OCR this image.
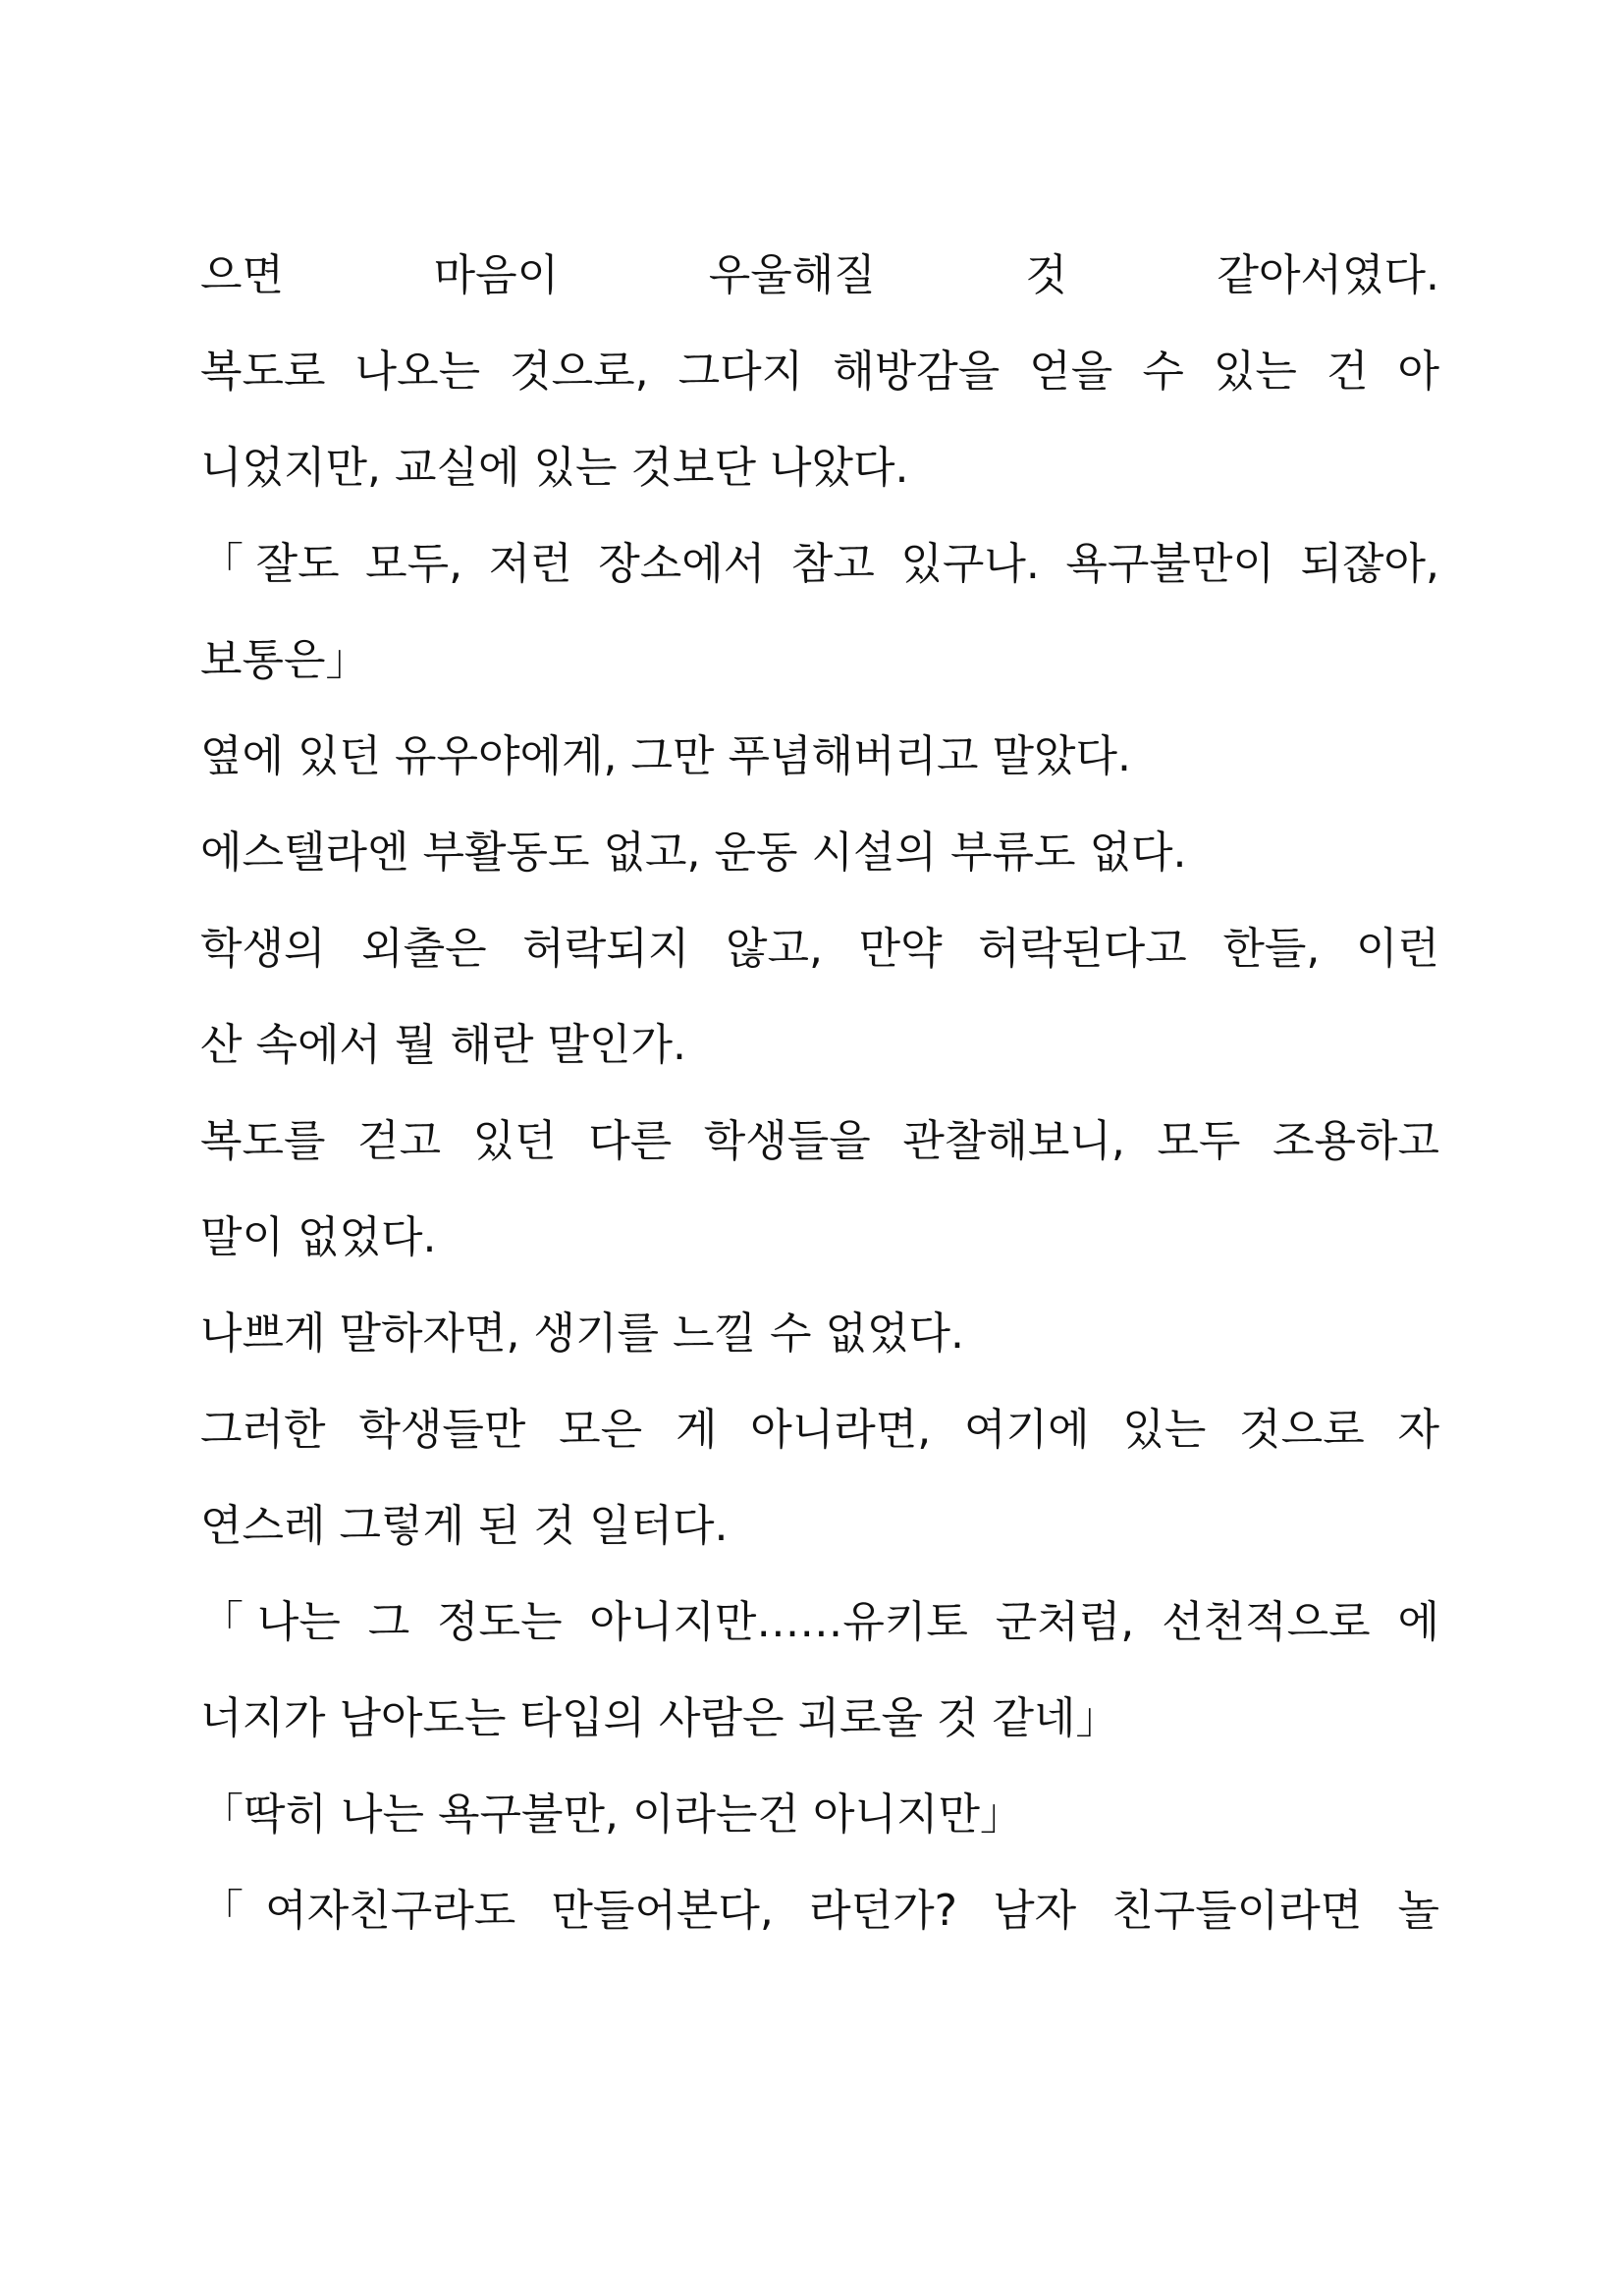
으면 마음이 우울해질 것 같아서였다.
복도로 나오는 것으로, 그다지 해방감을 얻을 수 있는 건 아
니었지만, 교실에 있는 것보단 나았다.
「잘도 모두, 저런 장소에서 참고 있구나. 욕구불만이 되잖아,
보통은」
옆에 있던 유우야에게, 그만 푸념해버리고 말았다.
에스텔라엔 부활동도 없고, 운동 시설의 부류도 없다.
학생의 외출은 허락되지 않고, 만약 허락된다고 한들, 이런
산 속에서 뭘 해란 말인가.
복도를 걷고 있던 다른 학생들을 관찰해보니, 모두 조용하고
말이 없었다.
나쁘게 말하자면, 생기를 느낄 수 없었다.
그러한 학생들만 모은 게 아니라면, 여기에 있는 것으로 자
연스레 그렇게 된 것 일터다.
「나는 그 정도는 아니지만……유키토 군처럼, 선천적으로 에
너지가 남아도는 타입의 사람은 괴로울 것 같네」
「딱히 나는 욕구불만, 이라는건 아니지만」
「여자친구라도 만들어본다, 라던가? 남자 친구들이라면 놀
